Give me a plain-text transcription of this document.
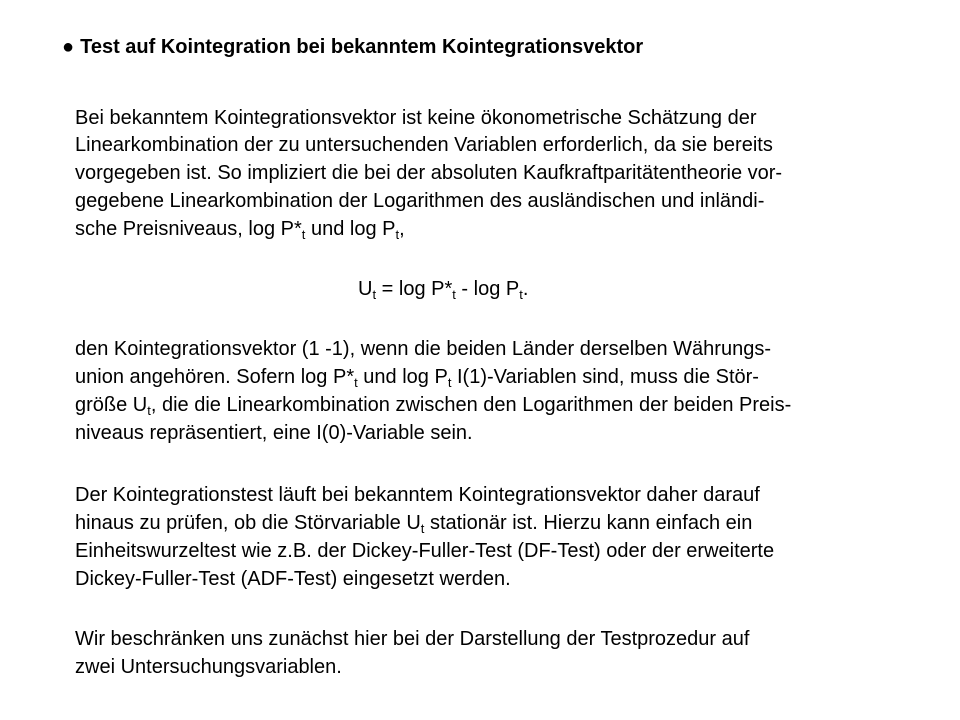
● Test auf Kointegration bei bekanntem Kointegrationsvektor
Bei bekanntem Kointegrationsvektor ist keine ökonometrische Schätzung der
Linearkombination der zu untersuchenden Variablen erforderlich, da sie bereits
vorgegeben ist. So impliziert die bei der absoluten Kaufkraftparitätentheorie vor-
gegebene Linearkombination der Logarithmen des ausländischen und inländi-
sche Preisniveaus, $\log P*_t$ und $\log P_t$,
$U_t = \log P*_t - \log P_t$.
den Kointegrationsvektor (1 -1), wenn die beiden Länder derselben Währungs-
union angehören. Sofern $\log P*_t$ und $\log P_t$ I(1)-Variablen sind, muss die Stör-
größe $U_t$, die die Linearkombination zwischen den Logarithmen der beiden Preis-
niveaus repräsentiert, eine I(0)-Variable sein.
Der Kointegrationstest läuft bei bekanntem Kointegrationsvektor daher darauf
hinaus zu prüfen, ob die Störvariable $U_t$ stationär ist. Hierzu kann einfach ein
Einheitswurzeltest wie z.B. der Dickey-Fuller-Test (DF-Test) oder der erweiterte
Dickey-Fuller-Test (ADF-Test) eingesetzt werden.
Wir beschränken uns zunächst hier bei der Darstellung der Testprozedur auf
zwei Untersuchungsvariablen.
